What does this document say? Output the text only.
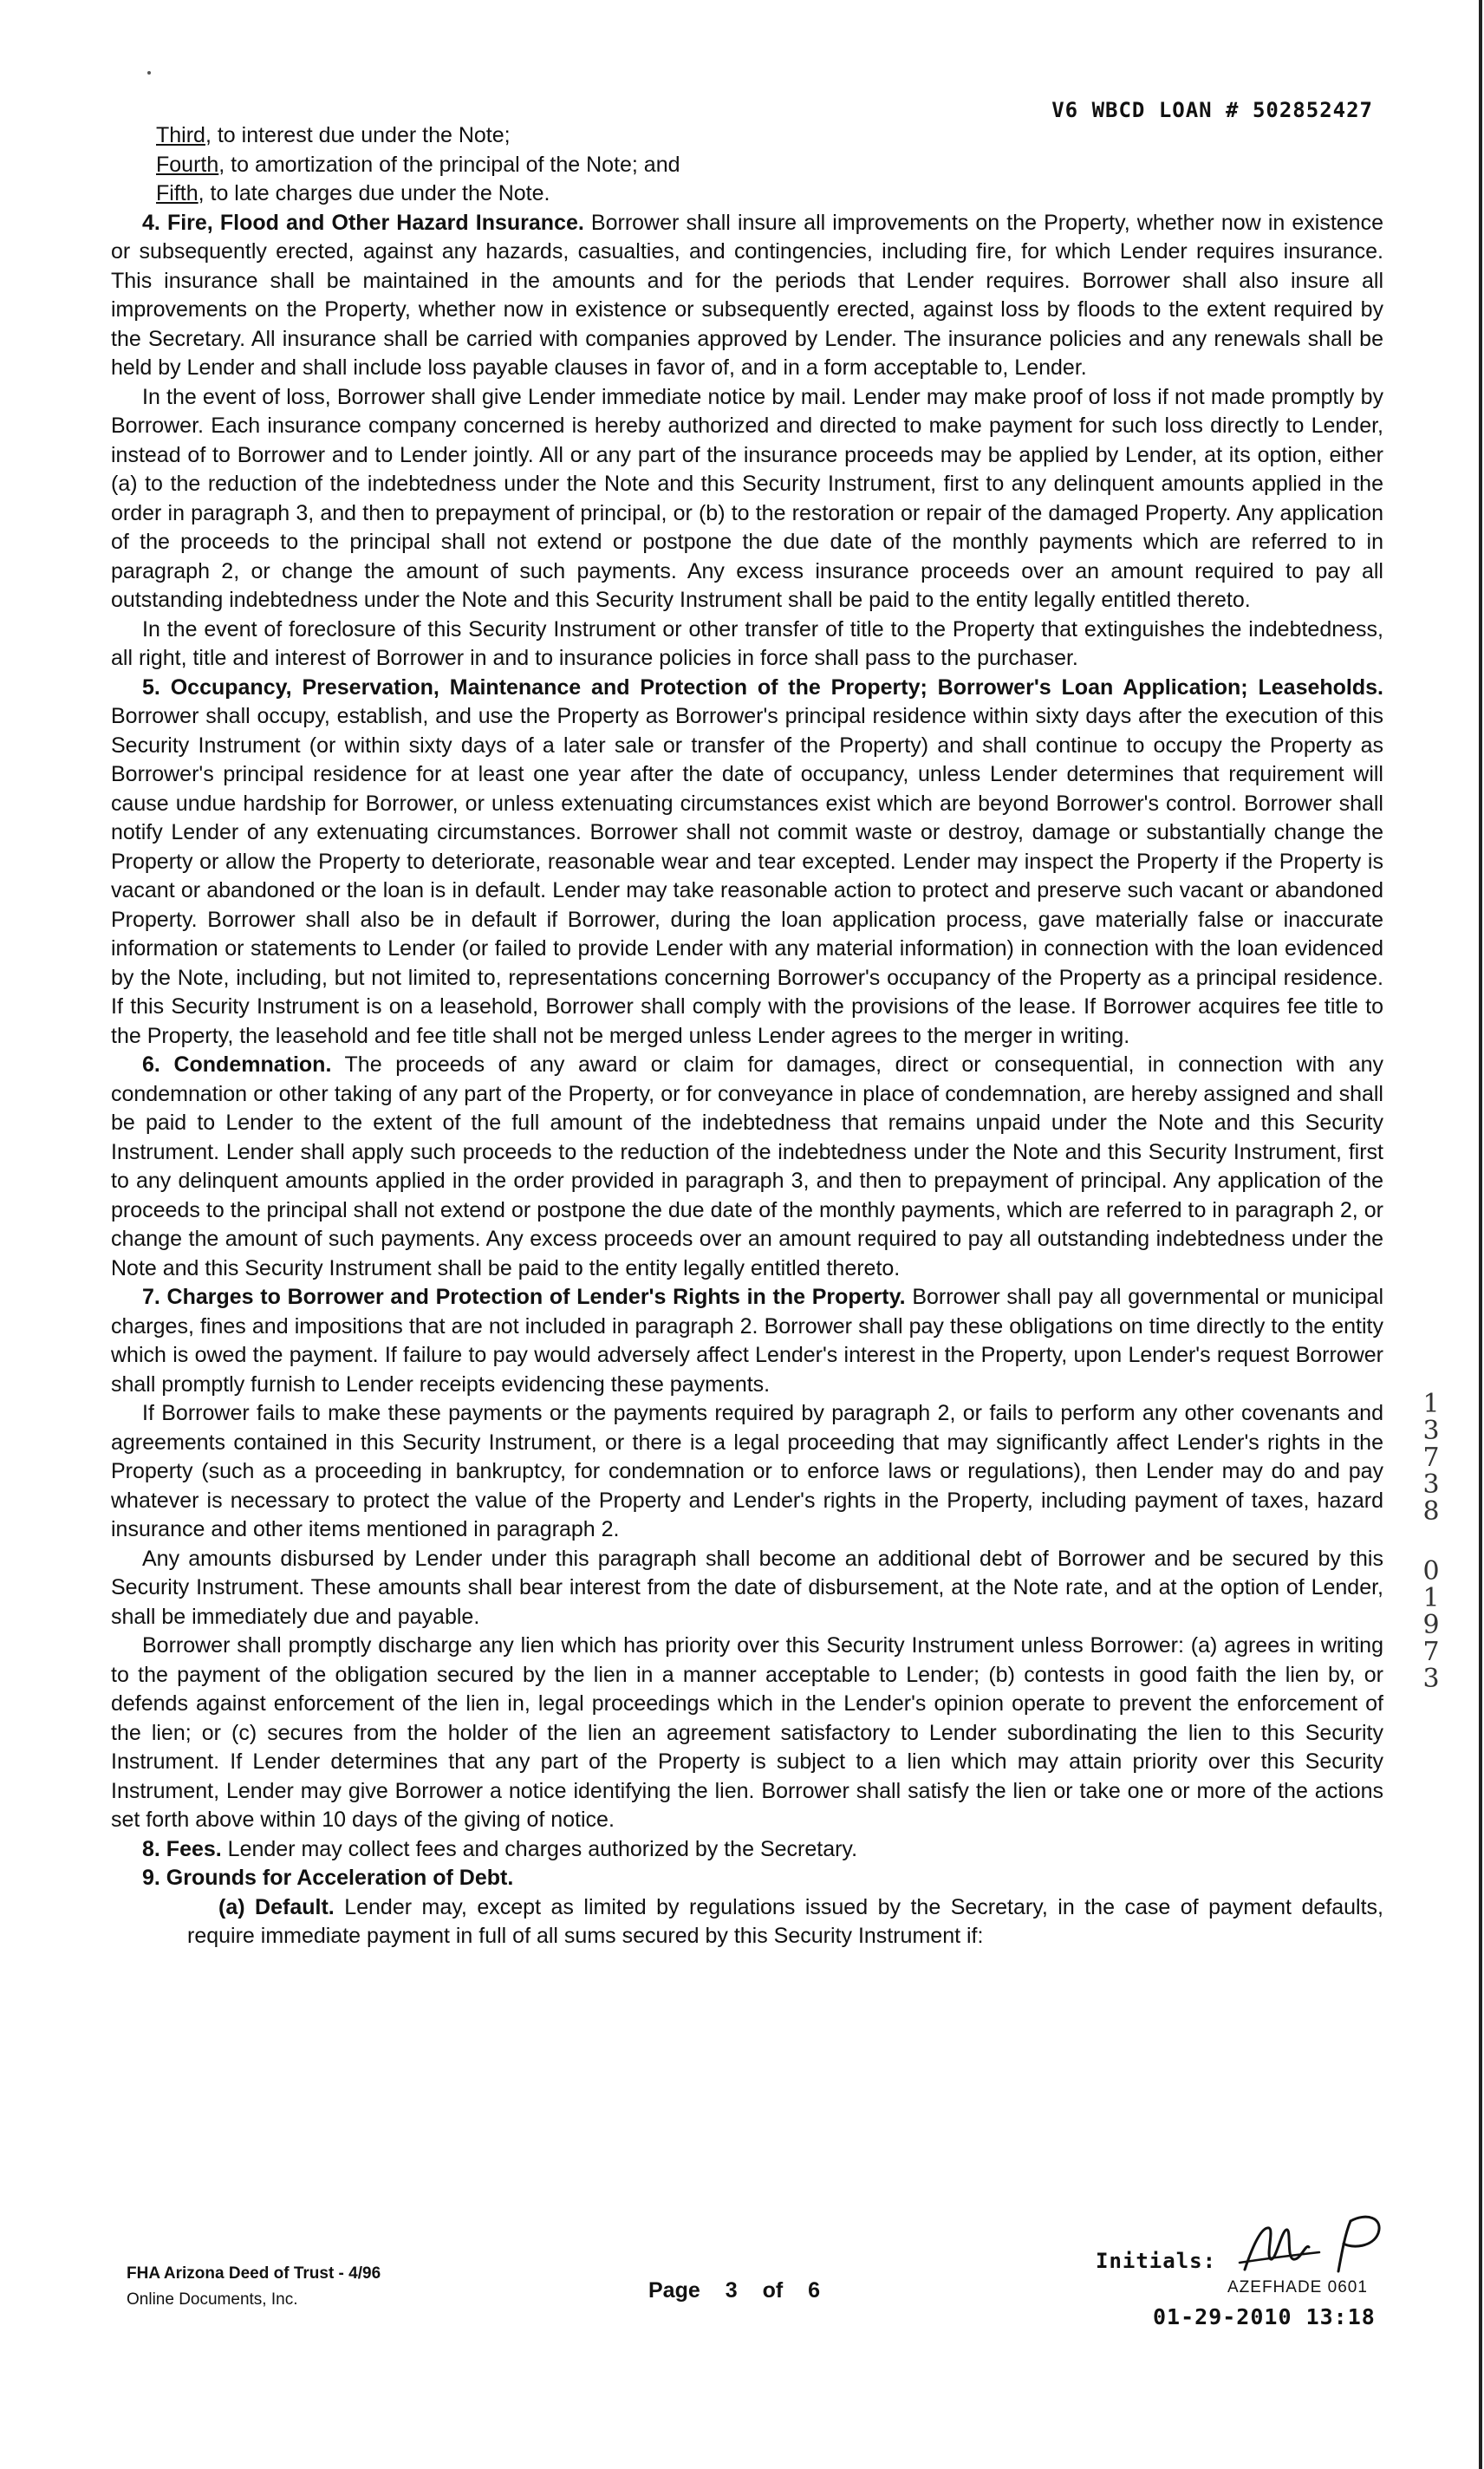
V6 WBCD LOAN # 502852427
Third, to interest due under the Note;
Fourth, to amortization of the principal of the Note; and
Fifth, to late charges due under the Note.

4. Fire, Flood and Other Hazard Insurance. Borrower shall insure all improvements on the Property, whether now in existence or subsequently erected, against any hazards, casualties, and contingencies, including fire, for which Lender requires insurance. This insurance shall be maintained in the amounts and for the periods that Lender requires. Borrower shall also insure all improvements on the Property, whether now in existence or subsequently erected, against loss by floods to the extent required by the Secretary. All insurance shall be carried with companies approved by Lender. The insurance policies and any renewals shall be held by Lender and shall include loss payable clauses in favor of, and in a form acceptable to, Lender.

In the event of loss, Borrower shall give Lender immediate notice by mail. Lender may make proof of loss if not made promptly by Borrower. Each insurance company concerned is hereby authorized and directed to make payment for such loss directly to Lender, instead of to Borrower and to Lender jointly. All or any part of the insurance proceeds may be applied by Lender, at its option, either (a) to the reduction of the indebtedness under the Note and this Security Instrument, first to any delinquent amounts applied in the order in paragraph 3, and then to prepayment of principal, or (b) to the restoration or repair of the damaged Property. Any application of the proceeds to the principal shall not extend or postpone the due date of the monthly payments which are referred to in paragraph 2, or change the amount of such payments. Any excess insurance proceeds over an amount required to pay all outstanding indebtedness under the Note and this Security Instrument shall be paid to the entity legally entitled thereto.

In the event of foreclosure of this Security Instrument or other transfer of title to the Property that extinguishes the indebtedness, all right, title and interest of Borrower in and to insurance policies in force shall pass to the purchaser.

5. Occupancy, Preservation, Maintenance and Protection of the Property; Borrower's Loan Application; Leaseholds. Borrower shall occupy, establish, and use the Property as Borrower's principal residence within sixty days after the execution of this Security Instrument (or within sixty days of a later sale or transfer of the Property) and shall continue to occupy the Property as Borrower's principal residence for at least one year after the date of occupancy, unless Lender determines that requirement will cause undue hardship for Borrower, or unless extenuating circumstances exist which are beyond Borrower's control. Borrower shall notify Lender of any extenuating circumstances. Borrower shall not commit waste or destroy, damage or substantially change the Property or allow the Property to deteriorate, reasonable wear and tear excepted. Lender may inspect the Property if the Property is vacant or abandoned or the loan is in default. Lender may take reasonable action to protect and preserve such vacant or abandoned Property. Borrower shall also be in default if Borrower, during the loan application process, gave materially false or inaccurate information or statements to Lender (or failed to provide Lender with any material information) in connection with the loan evidenced by the Note, including, but not limited to, representations concerning Borrower's occupancy of the Property as a principal residence. If this Security Instrument is on a leasehold, Borrower shall comply with the provisions of the lease. If Borrower acquires fee title to the Property, the leasehold and fee title shall not be merged unless Lender agrees to the merger in writing.

6. Condemnation. The proceeds of any award or claim for damages, direct or consequential, in connection with any condemnation or other taking of any part of the Property, or for conveyance in place of condemnation, are hereby assigned and shall be paid to Lender to the extent of the full amount of the indebtedness that remains unpaid under the Note and this Security Instrument. Lender shall apply such proceeds to the reduction of the indebtedness under the Note and this Security Instrument, first to any delinquent amounts applied in the order provided in paragraph 3, and then to prepayment of principal. Any application of the proceeds to the principal shall not extend or postpone the due date of the monthly payments, which are referred to in paragraph 2, or change the amount of such payments. Any excess proceeds over an amount required to pay all outstanding indebtedness under the Note and this Security Instrument shall be paid to the entity legally entitled thereto.

7. Charges to Borrower and Protection of Lender's Rights in the Property. Borrower shall pay all governmental or municipal charges, fines and impositions that are not included in paragraph 2. Borrower shall pay these obligations on time directly to the entity which is owed the payment. If failure to pay would adversely affect Lender's interest in the Property, upon Lender's request Borrower shall promptly furnish to Lender receipts evidencing these payments.

If Borrower fails to make these payments or the payments required by paragraph 2, or fails to perform any other covenants and agreements contained in this Security Instrument, or there is a legal proceeding that may significantly affect Lender's rights in the Property (such as a proceeding in bankruptcy, for condemnation or to enforce laws or regulations), then Lender may do and pay whatever is necessary to protect the value of the Property and Lender's rights in the Property, including payment of taxes, hazard insurance and other items mentioned in paragraph 2.

Any amounts disbursed by Lender under this paragraph shall become an additional debt of Borrower and be secured by this Security Instrument. These amounts shall bear interest from the date of disbursement, at the Note rate, and at the option of Lender, shall be immediately due and payable.

Borrower shall promptly discharge any lien which has priority over this Security Instrument unless Borrower: (a) agrees in writing to the payment of the obligation secured by the lien in a manner acceptable to Lender; (b) contests in good faith the lien by, or defends against enforcement of the lien in, legal proceedings which in the Lender's opinion operate to prevent the enforcement of the lien; or (c) secures from the holder of the lien an agreement satisfactory to Lender subordinating the lien to this Security Instrument. If Lender determines that any part of the Property is subject to a lien which may attain priority over this Security Instrument, Lender may give Borrower a notice identifying the lien. Borrower shall satisfy the lien or take one or more of the actions set forth above within 10 days of the giving of notice.

8. Fees. Lender may collect fees and charges authorized by the Secretary.

9. Grounds for Acceleration of Debt.

(a) Default. Lender may, except as limited by regulations issued by the Secretary, in the case of payment defaults, require immediate payment in full of all sums secured by this Security Instrument if:

1
3
7
3
8
0
1
9
7
3
FHA Arizona Deed of Trust - 4/96
Online Documents, Inc.	Page 3 of 6
Initials:
AZEFHADE 0601
01-29-2010 13:18
